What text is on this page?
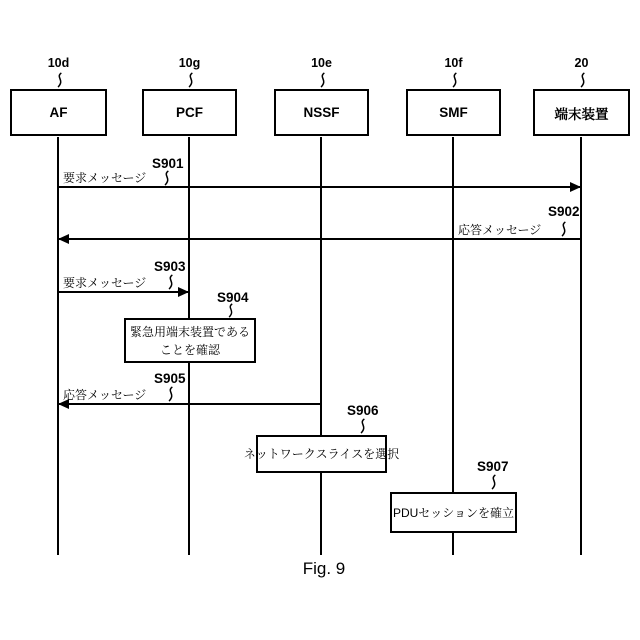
10d
AF
10g
PCF
10e
NSSF
10f
SMF
20
端末装置
要求メッセージ
S901
応答メッセージ
S902
要求メッセージ
S903
S904
緊急用端末装置である
ことを確認
応答メッセージ
S905
S906
ネットワークスライスを選択
S907
PDUセッションを確立
Fig. 9
